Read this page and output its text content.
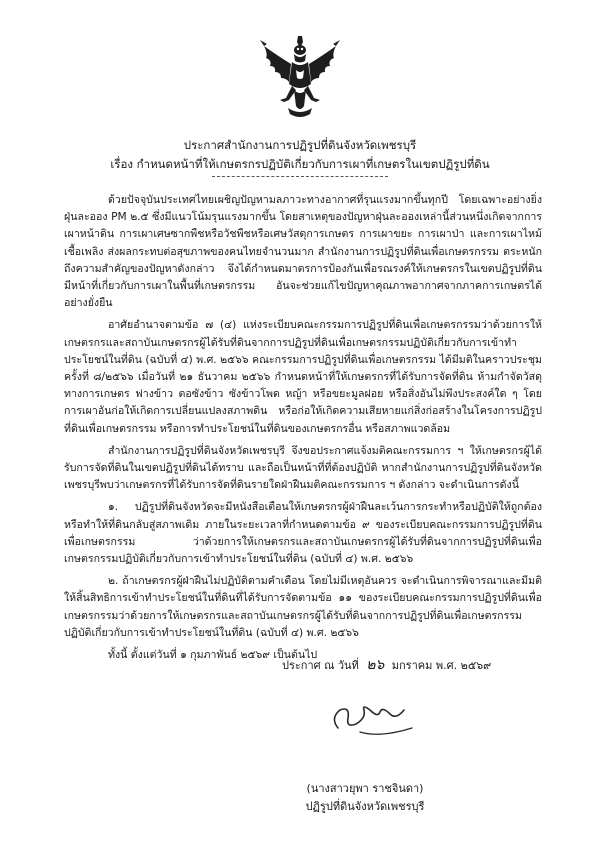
ประกาศสำนักงานการปฏิรูปที่ดินจังหวัดเพชรบุรี
เรื่อง กำหนดหน้าที่ให้เกษตรกรปฏิบัติเกี่ยวกับการเผาที่เกษตรในเขตปฏิรูปที่ดิน

ด้วยปัจจุบันประเทศไทยเผชิญปัญหามลภาวะทางอากาศที่รุนแรงมากขึ้นทุกปี โดยเฉพาะอย่างยิ่งฝุ่นละออง PM ๒.๕ ซึ่งมีแนวโน้มรุนแรงมากขึ้น โดยสาเหตุของปัญหาฝุ่นละอองเหล่านี้ส่วนหนึ่งเกิดจากการเผาหน้าดิน การเผาเศษซากพืชหรือวัชพืชหรือเศษวัสดุการเกษตร การเผาขยะ การเผาป่า และการเผาไหม้เชื้อเพลิง ส่งผลกระทบต่อสุขภาพของคนไทยจำนวนมาก สำนักงานการปฏิรูปที่ดินเพื่อเกษตรกรรม ตระหนักถึงความสำคัญของปัญหาดังกล่าว จึงได้กำหนดมาตรการป้องกันเพื่อรณรงค์ให้เกษตรกรในเขตปฏิรูปที่ดินมีหน้าที่เกี่ยวกับการเผาในพื้นที่เกษตรกรรม อันจะช่วยแก้ไขปัญหาคุณภาพอากาศจากภาคการเกษตรได้อย่างยั่งยืน

อาศัยอำนาจตามข้อ ๗ (๔) แห่งระเบียบคณะกรรมการปฏิรูปที่ดินเพื่อเกษตรกรรมว่าด้วยการให้เกษตรกรและสถาบันเกษตรกรผู้ได้รับที่ดินจากการปฏิรูปที่ดินเพื่อเกษตรกรรมปฏิบัติเกี่ยวกับการเข้าทำประโยชน์ในที่ดิน (ฉบับที่ ๔) พ.ศ. ๒๕๖๖ คณะกรรมการปฏิรูปที่ดินเพื่อเกษตรกรรม ได้มีมติในคราวประชุมครั้งที่ ๘/๒๕๖๖ เมื่อวันที่ ๒๑ ธันวาคม ๒๕๖๖ กำหนดหน้าที่ให้เกษตรกรที่ได้รับการจัดที่ดิน ห้ามกำจัดวัสดุทางการเกษตร ฟางข้าว ตอซังข้าว ซังข้าวโพด หญ้า หรือขยะมูลฝอย หรือสิ่งอันไม่พึงประสงค์ใด ๆ โดยการเผาอันก่อให้เกิดการเปลี่ยนแปลงสภาพดิน หรือก่อให้เกิดความเสียหายแก่สิ่งก่อสร้างในโครงการปฏิรูปที่ดินเพื่อเกษตรกรรม หรือการทำประโยชน์ในที่ดินของเกษตรกรอื่น หรือสภาพแวดล้อม

สำนักงานการปฏิรูปที่ดินจังหวัดเพชรบุรี จึงขอประกาศแจ้งมติคณะกรรมการ ฯ ให้เกษตรกรผู้ได้รับการจัดที่ดินในเขตปฏิรูปที่ดินได้ทราบ และถือเป็นหน้าที่ที่ต้องปฏิบัติ หากสำนักงานการปฏิรูปที่ดินจังหวัดเพชรบุรีพบว่าเกษตรกรที่ได้รับการจัดที่ดินรายใดฝ่าฝืนมติคณะกรรมการ ฯ ดังกล่าว จะดำเนินการดังนี้

๑. ปฏิรูปที่ดินจังหวัดจะมีหนังสือเตือนให้เกษตรกรผู้ฝ่าฝืนละเว้นการกระทำหรือปฏิบัติให้ถูกต้องหรือทำให้ที่ดินกลับสู่สภาพเดิม ภายในระยะเวลาที่กำหนดตามข้อ ๙ ของระเบียบคณะกรรมการปฏิรูปที่ดินเพื่อเกษตรกรรม ว่าด้วยการให้เกษตรกรและสถาบันเกษตรกรผู้ได้รับที่ดินจากการปฏิรูปที่ดินเพื่อเกษตรกรรมปฏิบัติเกี่ยวกับการเข้าทำประโยชน์ในที่ดิน (ฉบับที่ ๔) พ.ศ. ๒๕๖๖

๒. ถ้าเกษตรกรผู้ฝ่าฝืนไม่ปฏิบัติตามคำเตือน โดยไม่มีเหตุอันควร จะดำเนินการพิจารณาและมีมติให้สิ้นสิทธิการเข้าทำประโยชน์ในที่ดินที่ได้รับการจัดตามข้อ ๑๑ ของระเบียบคณะกรรมการปฏิรูปที่ดินเพื่อเกษตรกรรมว่าด้วยการให้เกษตรกรและสถาบันเกษตรกรผู้ได้รับที่ดินจากการปฏิรูปที่ดินเพื่อเกษตรกรรม ปฏิบัติเกี่ยวกับการเข้าทำประโยชน์ในที่ดิน (ฉบับที่ ๔) พ.ศ. ๒๕๖๖

ทั้งนี้ ตั้งแต่วันที่ ๑ กุมภาพันธ์ ๒๕๖๙ เป็นต้นไป

ประกาศ ณ วันที่ ๒๖ มกราคม พ.ศ. ๒๕๖๙
(นางสาวยุพา ราชจินดา)
ปฏิรูปที่ดินจังหวัดเพชรบุรี
